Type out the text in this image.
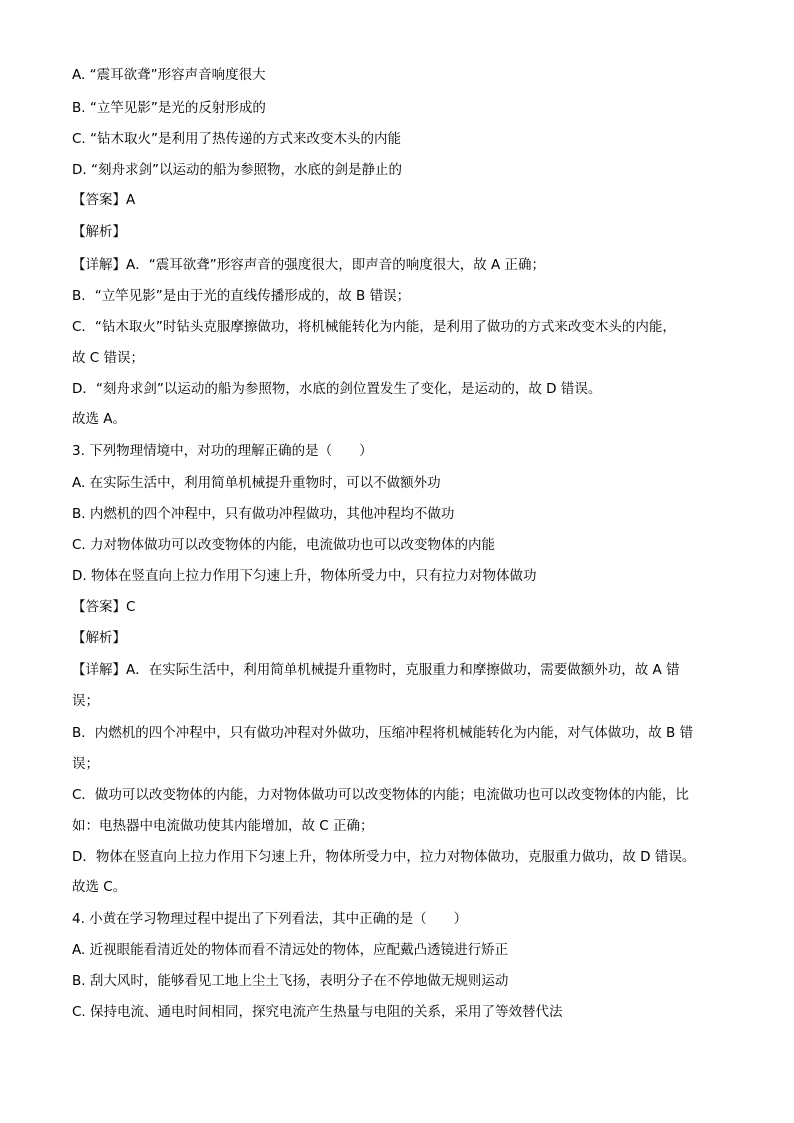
A. “震耳欲聋”形容声音响度很大
B. “立竿见影”是光的反射形成的
C. “钻木取火”是利用了热传递的方式来改变木头的内能
D. “刻舟求剑”以运动的船为参照物，水底的剑是静止的
【答案】A
【解析】
【详解】A．“震耳欲聋”形容声音的强度很大，即声音的响度很大，故 A 正确；
B．“立竿见影”是由于光的直线传播形成的，故 B 错误；
C．“钻木取火”时钻头克服摩擦做功，将机械能转化为内能，是利用了做功的方式来改变木头的内能，
故 C 错误；
D．“刻舟求剑”以运动的船为参照物，水底的剑位置发生了变化，是运动的，故 D 错误。
故选 A。
3. 下列物理情境中，对功的理解正确的是（　　）
A. 在实际生活中，利用简单机械提升重物时，可以不做额外功
B. 内燃机的四个冲程中，只有做功冲程做功，其他冲程均不做功
C. 力对物体做功可以改变物体的内能，电流做功也可以改变物体的内能
D. 物体在竖直向上拉力作用下匀速上升，物体所受力中，只有拉力对物体做功
【答案】C
【解析】
【详解】A．在实际生活中，利用简单机械提升重物时，克服重力和摩擦做功，需要做额外功，故 A 错
误；
B．内燃机的四个冲程中，只有做功冲程对外做功，压缩冲程将机械能转化为内能，对气体做功，故 B 错
误；
C．做功可以改变物体的内能，力对物体做功可以改变物体的内能；电流做功也可以改变物体的内能，比
如：电热器中电流做功使其内能增加，故 C 正确；
D．物体在竖直向上拉力作用下匀速上升，物体所受力中，拉力对物体做功，克服重力做功，故 D 错误。
故选 C。
4. 小黄在学习物理过程中提出了下列看法，其中正确的是（　　）
A. 近视眼能看清近处的物体而看不清远处的物体，应配戴凸透镜进行矫正
B. 刮大风时，能够看见工地上尘土飞扬，表明分子在不停地做无规则运动
C. 保持电流、通电时间相同，探究电流产生热量与电阻的关系，采用了等效替代法
